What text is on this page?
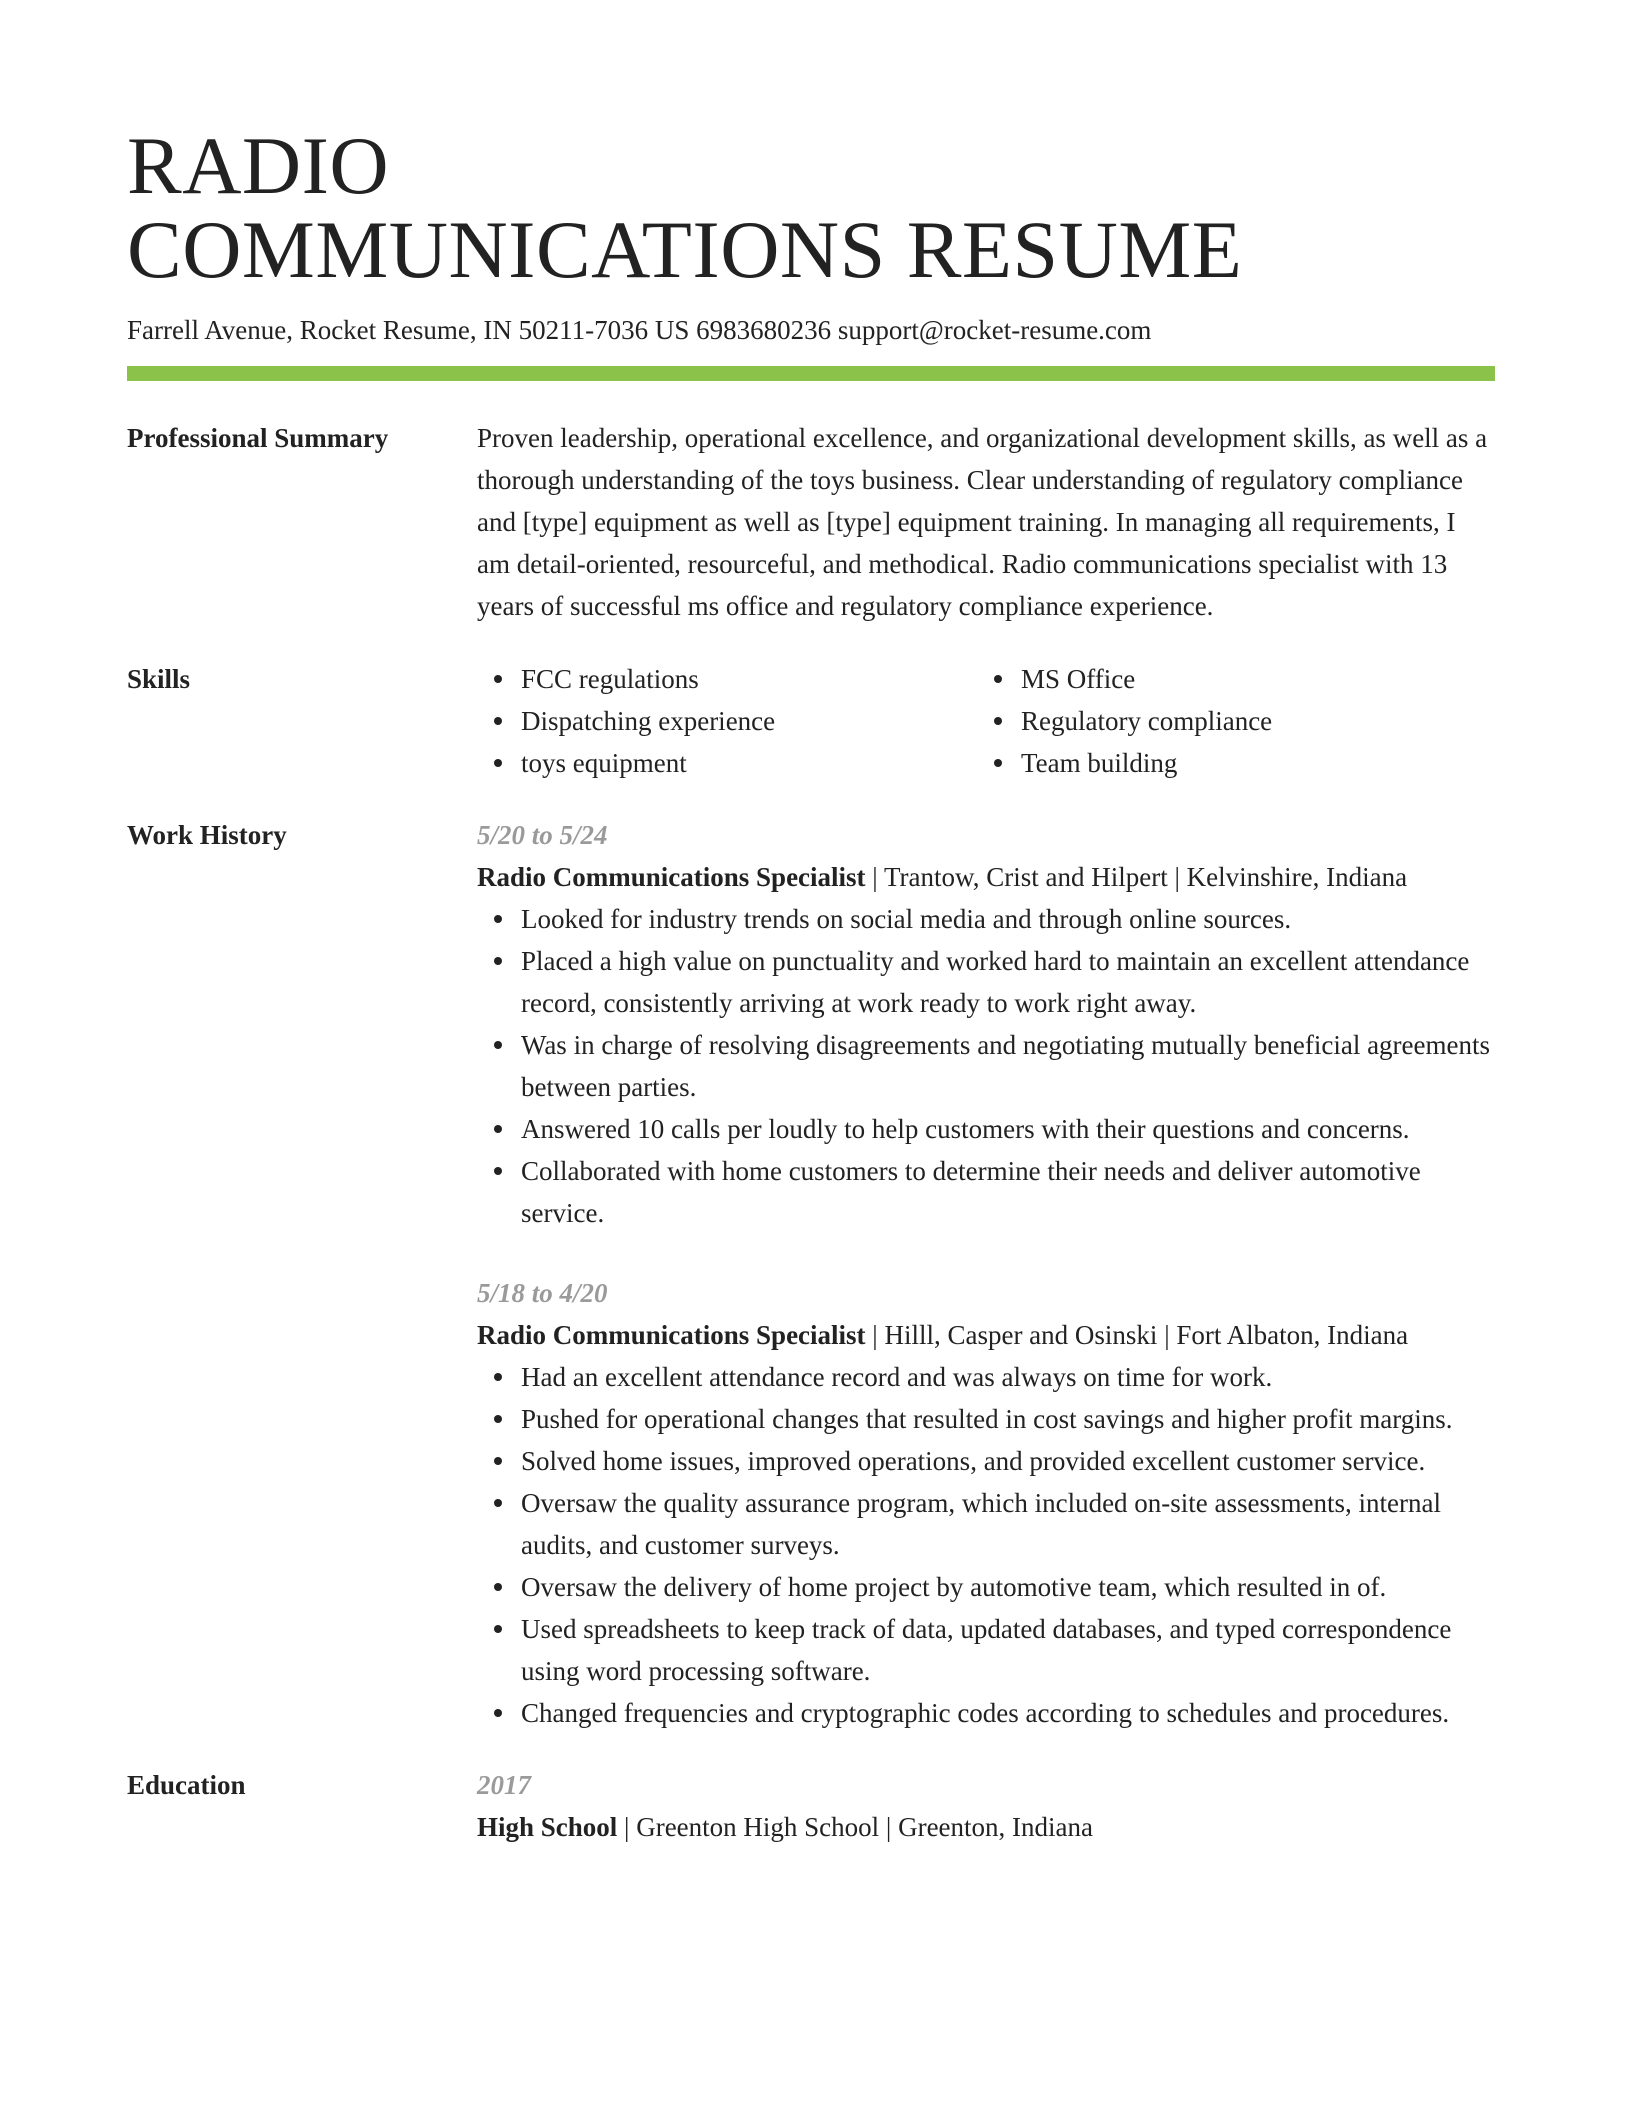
RADIO
COMMUNICATIONS RESUME
Farrell Avenue, Rocket Resume, IN 50211-7036 US 6983680236 support@rocket-resume.com
Professional Summary	Proven leadership, operational excellence, and organizational development skills, as well as a thorough understanding of the toys business. Clear understanding of regulatory compliance and [type] equipment as well as [type] equipment training. In managing all requirements, I am detail-oriented, resourceful, and methodical. Radio communications specialist with 13 years of successful ms office and regulatory compliance experience.

Skills	FCC regulations
Dispatching experience
toys equipment
MS Office
Regulatory compliance
Team building
Work History	5/20 to 5/24
Radio Communications Specialist | Trantow, Crist and Hilpert | Kelvinshire, Indiana
Looked for industry trends on social media and through online sources.
Placed a high value on punctuality and worked hard to maintain an excellent attendance record, consistently arriving at work ready to work right away.
Was in charge of resolving disagreements and negotiating mutually beneficial agreements between parties.
Answered 10 calls per loudly to help customers with their questions and concerns.
Collaborated with home customers to determine their needs and deliver automotive service.
5/18 to 4/20
Radio Communications Specialist | Hilll, Casper and Osinski | Fort Albaton, Indiana
Had an excellent attendance record and was always on time for work.
Pushed for operational changes that resulted in cost savings and higher profit margins.
Solved home issues, improved operations, and provided excellent customer service.
Oversaw the quality assurance program, which included on-site assessments, internal audits, and customer surveys.
Oversaw the delivery of home project by automotive team, which resulted in of.
Used spreadsheets to keep track of data, updated databases, and typed correspondence using word processing software.
Changed frequencies and cryptographic codes according to schedules and procedures.
Education	2017
High School | Greenton High School | Greenton, Indiana
